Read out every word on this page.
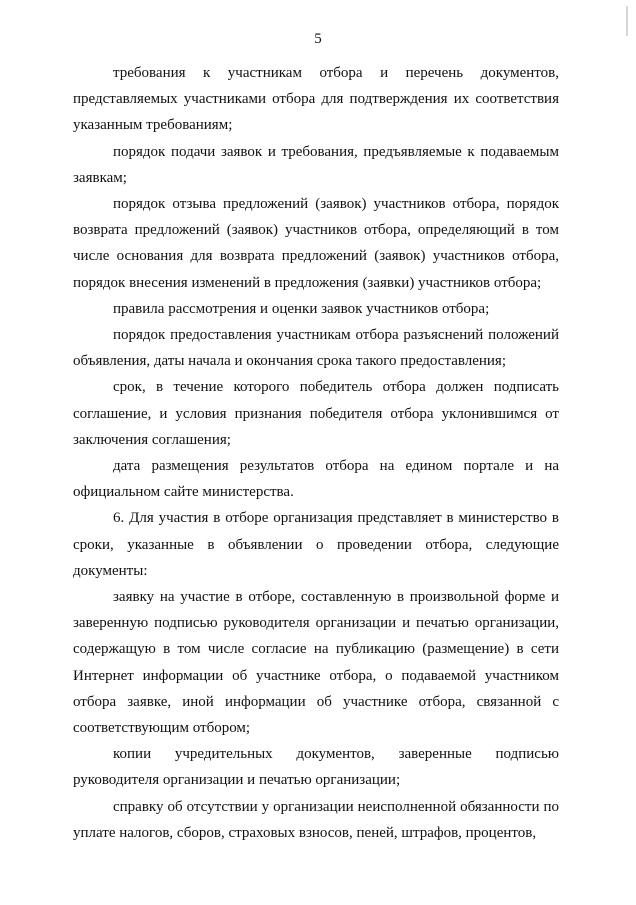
5

требования к участникам отбора и перечень документов, представляемых участниками отбора для подтверждения их соответствия указанным требованиям;

порядок подачи заявок и требования, предъявляемые к подаваемым заявкам;

порядок отзыва предложений (заявок) участников отбора, порядок возврата предложений (заявок) участников отбора, определяющий в том числе основания для возврата предложений (заявок) участников отбора, порядок внесения изменений в предложения (заявки) участников отбора;

правила рассмотрения и оценки заявок участников отбора;

порядок предоставления участникам отбора разъяснений положений объявления, даты начала и окончания срока такого предоставления;

срок, в течение которого победитель отбора должен подписать соглашение, и условия признания победителя отбора уклонившимся от заключения соглашения;

дата размещения результатов отбора на едином портале и на официальном сайте министерства.

6. Для участия в отборе организация представляет в министерство в сроки, указанные в объявлении о проведении отбора, следующие документы:

заявку на участие в отборе, составленную в произвольной форме и заверенную подписью руководителя организации и печатью организации, содержащую в том числе согласие на публикацию (размещение) в сети Интернет информации об участнике отбора, о подаваемой участником отбора заявке, иной информации об участнике отбора, связанной с соответствующим отбором;

копии учредительных документов, заверенные подписью руководителя организации и печатью организации;

справку об отсутствии у организации неисполненной обязанности по уплате налогов, сборов, страховых взносов, пеней, штрафов, процентов,
